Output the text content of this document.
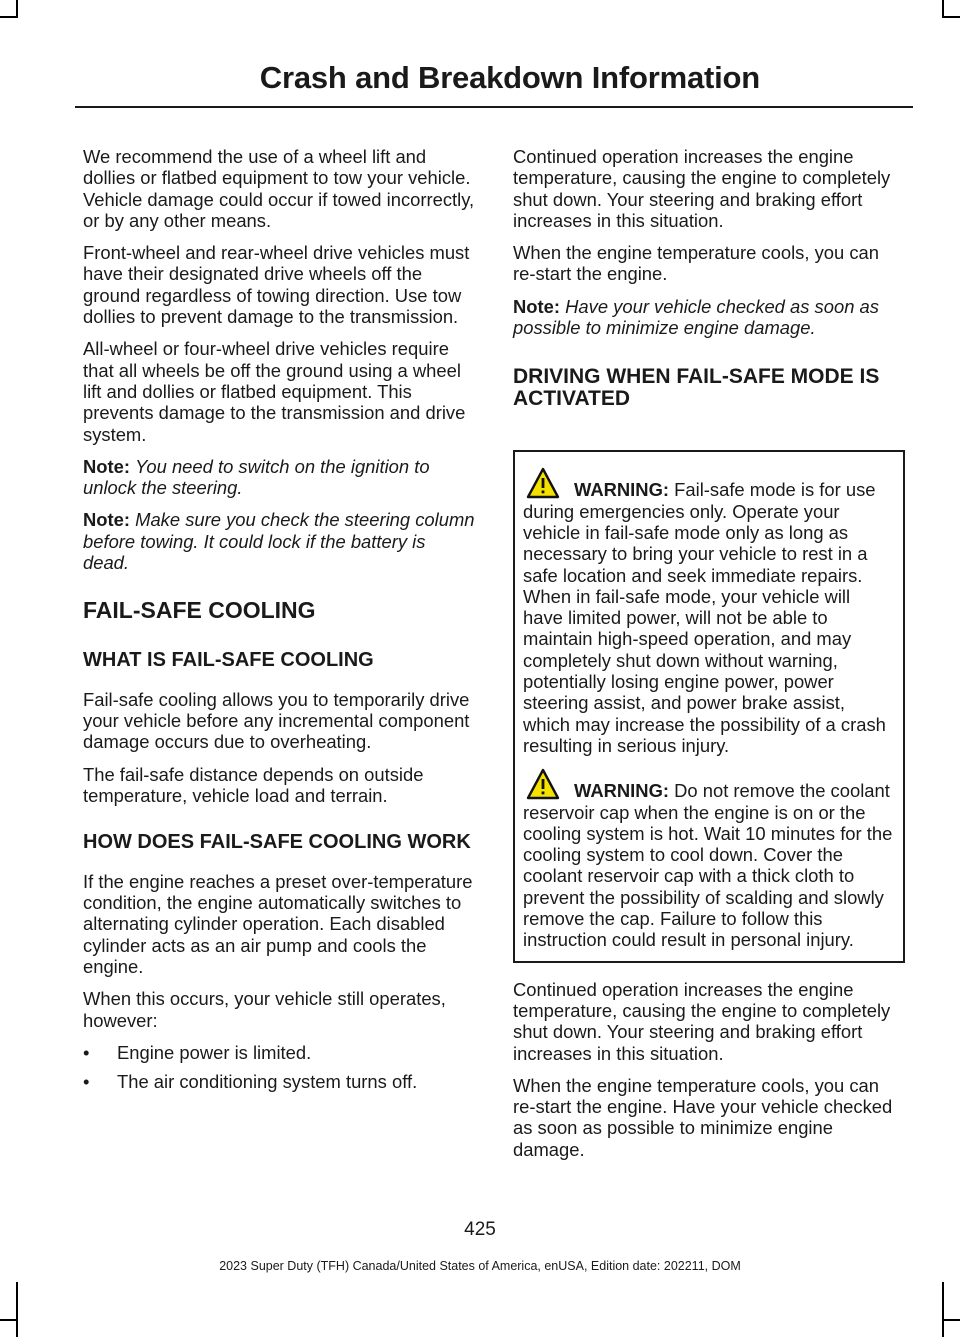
Crash and Breakdown Information

We recommend the use of a wheel lift and dollies or flatbed equipment to tow your vehicle. Vehicle damage could occur if towed incorrectly, or by any other means.

Front-wheel and rear-wheel drive vehicles must have their designated drive wheels off the ground regardless of towing direction. Use tow dollies to prevent damage to the transmission.

All-wheel or four-wheel drive vehicles require that all wheels be off the ground using a wheel lift and dollies or flatbed equipment. This prevents damage to the transmission and drive system.

Note: You need to switch on the ignition to unlock the steering.

Note: Make sure you check the steering column before towing. It could lock if the battery is dead.

FAIL-SAFE COOLING
WHAT IS FAIL-SAFE COOLING

Fail-safe cooling allows you to temporarily drive your vehicle before any incremental component damage occurs due to overheating.

The fail-safe distance depends on outside temperature, vehicle load and terrain.

HOW DOES FAIL-SAFE COOLING WORK

If the engine reaches a preset over-temperature condition, the engine automatically switches to alternating cylinder operation. Each disabled cylinder acts as an air pump and cools the engine.

When this occurs, your vehicle still operates, however:

• Engine power is limited.
• The air conditioning system turns off.

Continued operation increases the engine temperature, causing the engine to completely shut down. Your steering and braking effort increases in this situation.

When the engine temperature cools, you can re-start the engine.

Note: Have your vehicle checked as soon as possible to minimize engine damage.

DRIVING WHEN FAIL-SAFE MODE IS ACTIVATED

WARNING: Fail-safe mode is for use during emergencies only. Operate your vehicle in fail-safe mode only as long as necessary to bring your vehicle to rest in a safe location and seek immediate repairs. When in fail-safe mode, your vehicle will have limited power, will not be able to maintain high-speed operation, and may completely shut down without warning, potentially losing engine power, power steering assist, and power brake assist, which may increase the possibility of a crash resulting in serious injury.

WARNING: Do not remove the coolant reservoir cap when the engine is on or the cooling system is hot. Wait 10 minutes for the cooling system to cool down. Cover the coolant reservoir cap with a thick cloth to prevent the possibility of scalding and slowly remove the cap. Failure to follow this instruction could result in personal injury.

Continued operation increases the engine temperature, causing the engine to completely shut down. Your steering and braking effort increases in this situation.

When the engine temperature cools, you can re-start the engine. Have your vehicle checked as soon as possible to minimize engine damage.

425
2023 Super Duty (TFH) Canada/United States of America, enUSA, Edition date: 202211, DOM
